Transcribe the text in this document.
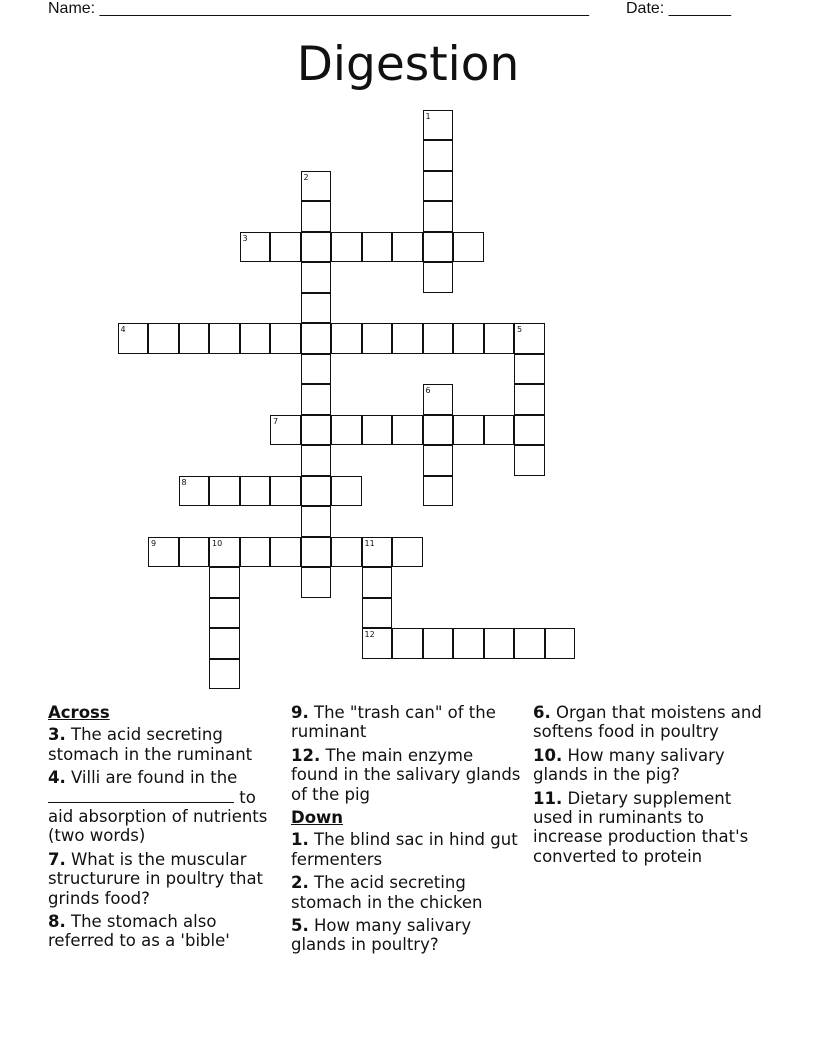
Name: _______________________________________________________ Date: _______
Digestion
1
2
3
4	5
6
7
8
9	10	11
12
Across
3. The acid secreting stomach in the ruminant
4. Villi are found in the  to aid absorption of nutrients (two words)
7. What is the muscular structurure in poultry that grinds food?
8. The stomach also referred to as a 'bible'
9. The "trash can" of the ruminant
12. The main enzyme found in the salivary glands of the pig
Down
1. The blind sac in hind gut fermenters
2. The acid secreting stomach in the chicken
5. How many salivary glands in poultry?
6. Organ that moistens and softens food in poultry
10. How many salivary glands in the pig?
11. Dietary supplement used in ruminants to increase production that's converted to protein
